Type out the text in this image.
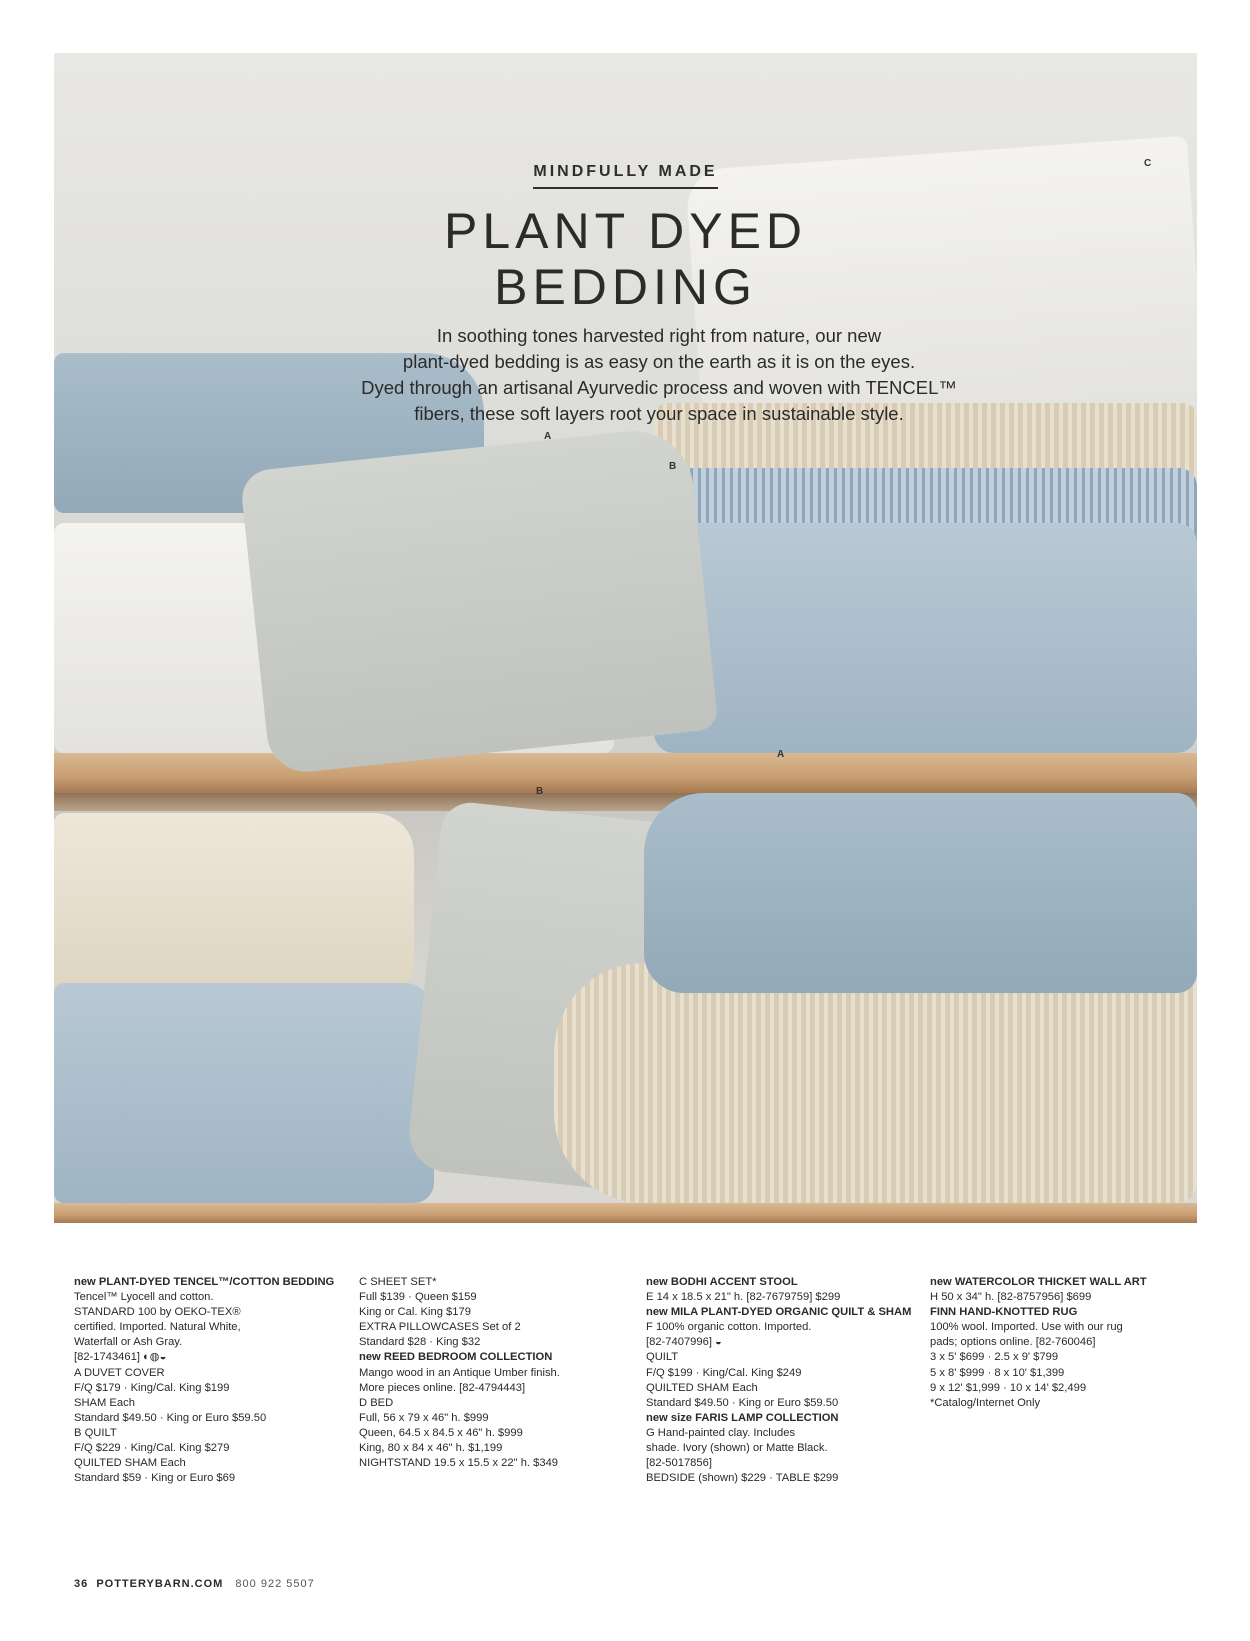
MINDFULLY MADE
PLANT DYED
BEDDING
In soothing tones harvested right from nature, our new
plant-dyed bedding is as easy on the earth as it is on the eyes.
Dyed through an artisanal Ayurvedic process and woven with TENCEL™
fibers, these soft layers root your space in sustainable style.
C
A
B
A
B
new PLANT-DYED TENCEL™/COTTON BEDDING
Tencel™ Lyocell and cotton.
STANDARD 100 by OEKO-TEX®
certified. Imported. Natural White,
Waterfall or Ash Gray.
[82-1743461] ◐◍◒
A DUVET COVER
F/Q $179 · King/Cal. King $199
SHAM Each
Standard $49.50 · King or Euro $59.50
B QUILT
F/Q $229 · King/Cal. King $279
QUILTED SHAM Each
Standard $59 · King or Euro $69
C SHEET SET*
Full $139 · Queen $159
King or Cal. King $179
EXTRA PILLOWCASES Set of 2
Standard $28 · King $32
new REED BEDROOM COLLECTION
Mango wood in an Antique Umber finish.
More pieces online. [82-4794443]
D BED
Full, 56 x 79 x 46" h. $999
Queen, 64.5 x 84.5 x 46" h. $999
King, 80 x 84 x 46" h. $1,199
NIGHTSTAND 19.5 x 15.5 x 22" h. $349
new BODHI ACCENT STOOL
E 14 x 18.5 x 21" h. [82-7679759] $299
new MILA PLANT-DYED ORGANIC QUILT & SHAM
F 100% organic cotton. Imported.
[82-7407996] ◒
QUILT
F/Q $199 · King/Cal. King $249
QUILTED SHAM Each
Standard $49.50 · King or Euro $59.50
new size FARIS LAMP COLLECTION
G Hand-painted clay. Includes
shade. Ivory (shown) or Matte Black.
[82-5017856]
BEDSIDE (shown) $229 · TABLE $299
new WATERCOLOR THICKET WALL ART
H 50 x 34" h. [82-8757956] $699
FINN HAND-KNOTTED RUG
100% wool. Imported. Use with our rug
pads; options online. [82-760046]
3 x 5' $699 · 2.5 x 9' $799
5 x 8' $999 · 8 x 10' $1,399
9 x 12' $1,999 · 10 x 14' $2,499
*Catalog/Internet Only
36 POTTERYBARN.COM 800 922 5507
